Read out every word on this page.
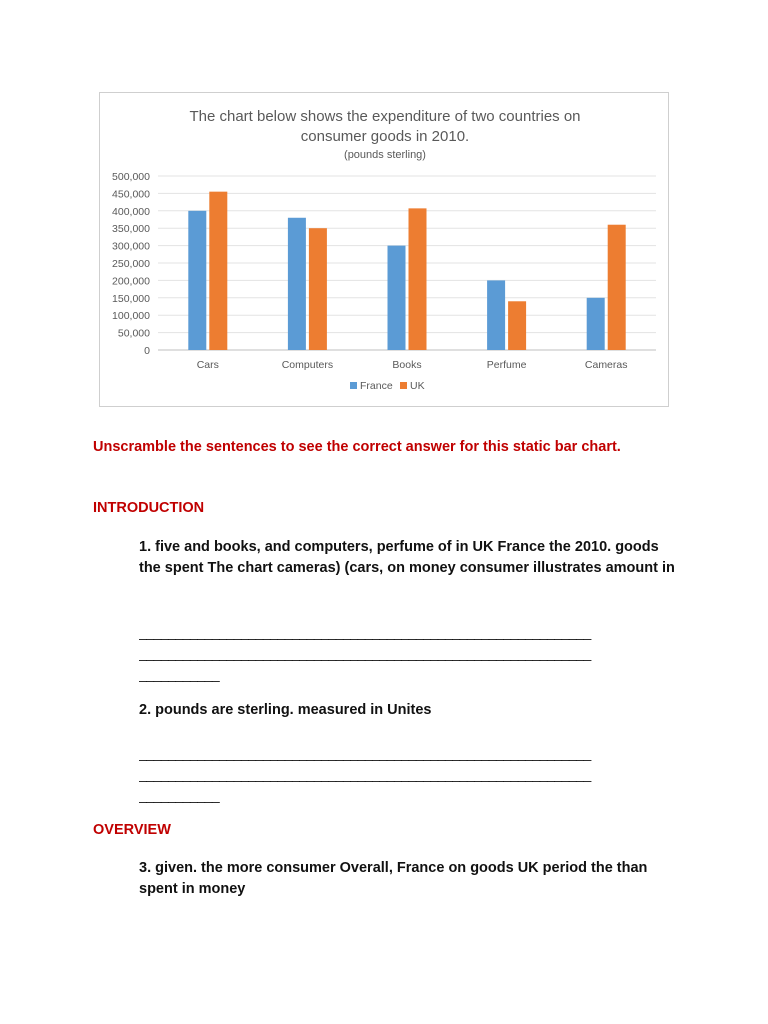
The chart below shows the expenditure of two countries on
consumer goods in 2010.
(pounds sterling)
0
50,000
100,000
150,000
200,000
250,000
300,000
350,000
400,000
450,000
500,000
Cars	Computers	Books	Perfume	Cameras
France UK
Unscramble the sentences to see the correct answer for this static bar chart.
INTRODUCTION
1. five and books, and computers, perfume of in UK France the 2010. goods the spent The chart cameras) (cars, on money consumer illustrates amount in
______________________________________________________________
______________________________________________________________
___________
2. pounds are sterling. measured in Unites
______________________________________________________________
______________________________________________________________
___________
OVERVIEW
3. given. the more consumer Overall, France on goods UK period the than spent in money
